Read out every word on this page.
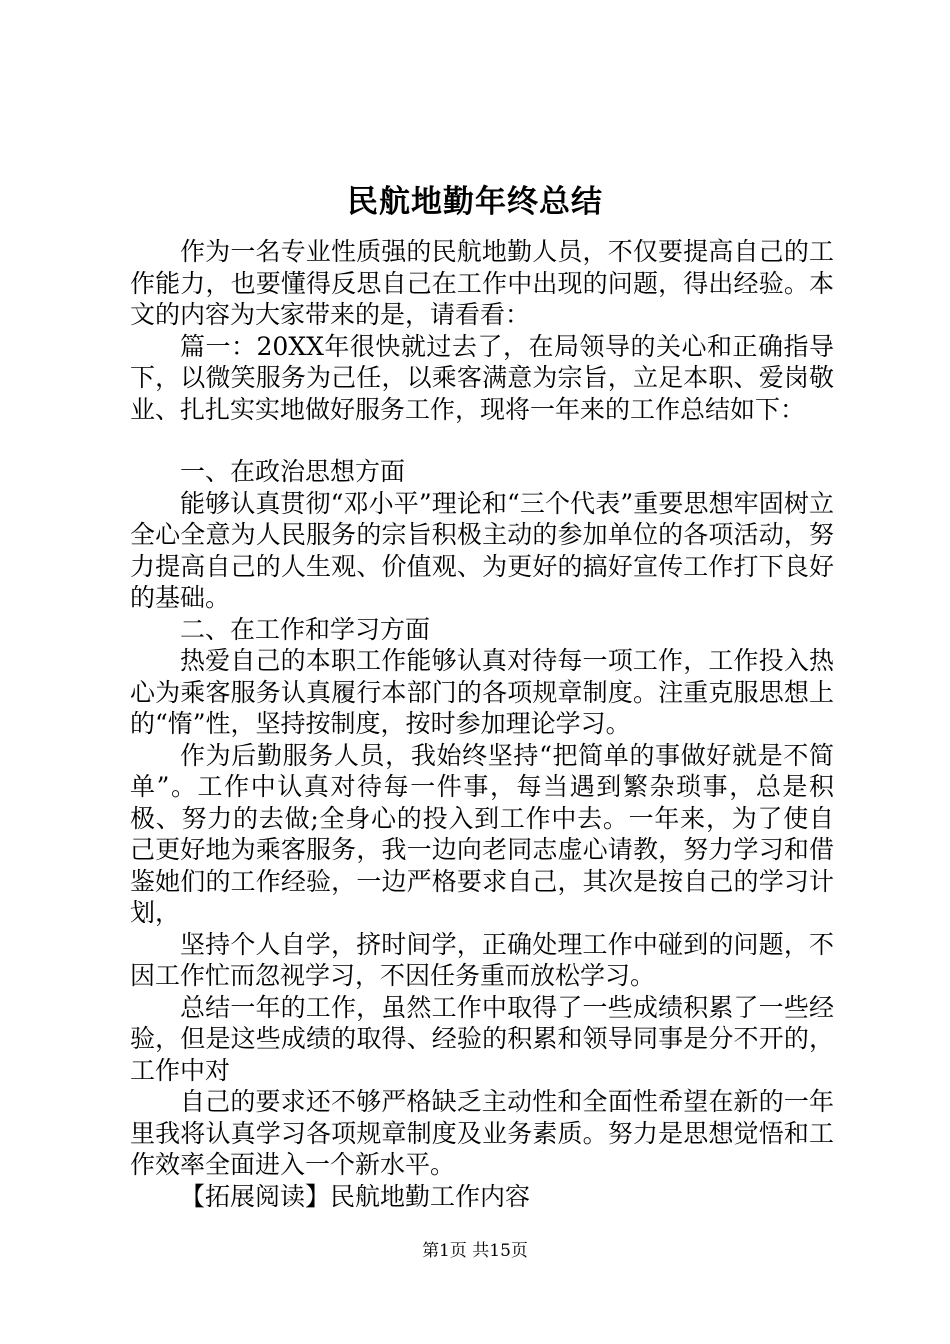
民航地勤年终总结

作为一名专业性质强的民航地勤人员，不仅要提高自己的工作能力，也要懂得反思自己在工作中出现的问题，得出经验。本文的内容为大家带来的是，请看看：

篇一：20XX年很快就过去了，在局领导的关心和正确指导下，以微笑服务为己任，以乘客满意为宗旨，立足本职、爱岗敬业、扎扎实实地做好服务工作，现将一年来的工作总结如下：

一、在政治思想方面

能够认真贯彻“邓小平”理论和“三个代表”重要思想牢固树立全心全意为人民服务的宗旨积极主动的参加单位的各项活动，努力提高自己的人生观、价值观、为更好的搞好宣传工作打下良好的基础。

二、在工作和学习方面

热爱自己的本职工作能够认真对待每一项工作，工作投入热心为乘客服务认真履行本部门的各项规章制度。注重克服思想上的“惰”性，坚持按制度，按时参加理论学习。

作为后勤服务人员，我始终坚持“把简单的事做好就是不简单”。工作中认真对待每一件事，每当遇到繁杂琐事，总是积极、努力的去做;全身心的投入到工作中去。一年来，为了使自己更好地为乘客服务，我一边向老同志虚心请教，努力学习和借鉴她们的工作经验，一边严格要求自己，其次是按自己的学习计划，

坚持个人自学，挤时间学，正确处理工作中碰到的问题，不因工作忙而忽视学习，不因任务重而放松学习。

总结一年的工作，虽然工作中取得了一些成绩积累了一些经验，但是这些成绩的取得、经验的积累和领导同事是分不开的，工作中对

自己的要求还不够严格缺乏主动性和全面性希望在新的一年里我将认真学习各项规章制度及业务素质。努力是思想觉悟和工作效率全面进入一个新水平。

【拓展阅读】民航地勤工作内容

第1页 共15页
